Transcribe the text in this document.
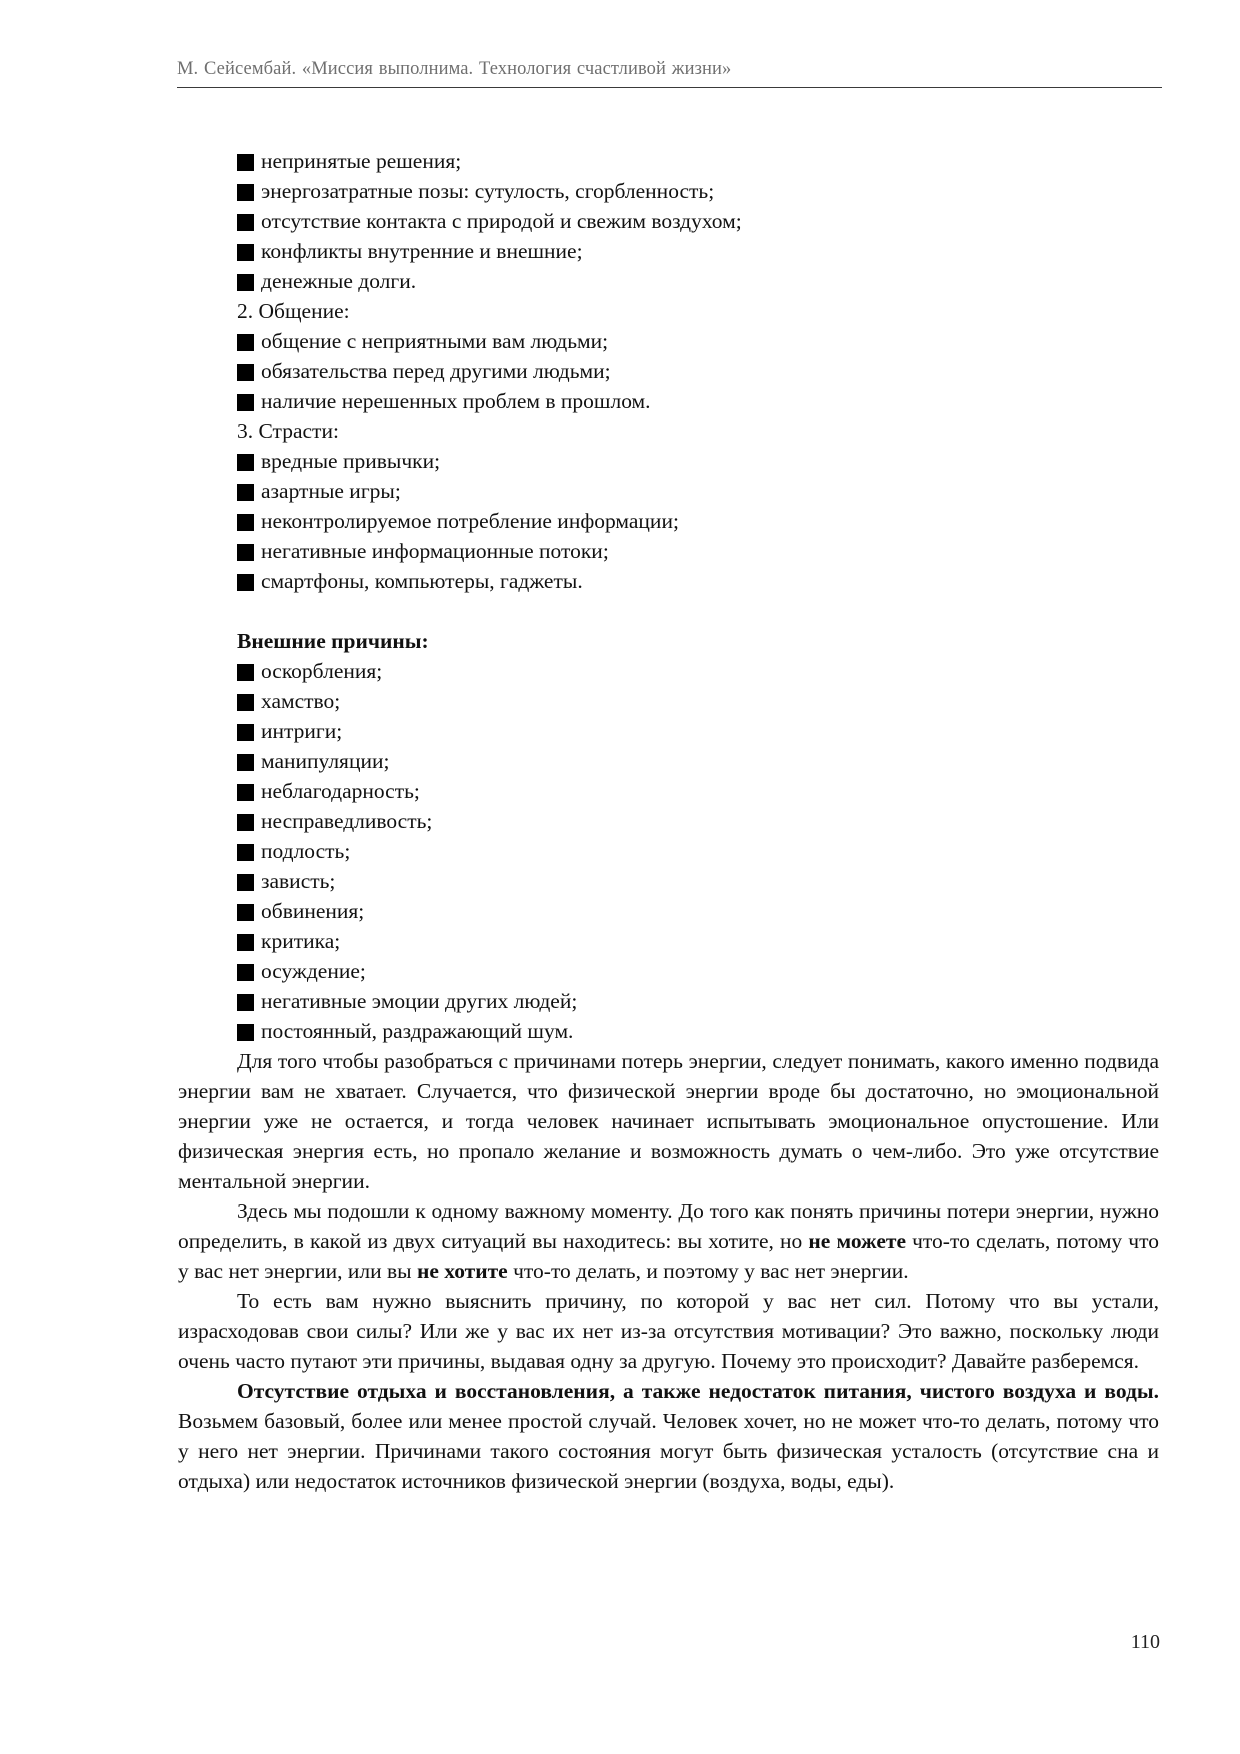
М. Сейсембай. «Миссия выполнима. Технология счастливой жизни»
непринятые решения;
энергозатратные позы: сутулость, сгорбленность;
отсутствие контакта с природой и свежим воздухом;
конфликты внутренние и внешние;
денежные долги.
2. Общение:
общение с неприятными вам людьми;
обязательства перед другими людьми;
наличие нерешенных проблем в прошлом.
3. Страсти:
вредные привычки;
азартные игры;
неконтролируемое потребление информации;
негативные информационные потоки;
смартфоны, компьютеры, гаджеты.
Внешние причины:
оскорбления;
хамство;
интриги;
манипуляции;
неблагодарность;
несправедливость;
подлость;
зависть;
обвинения;
критика;
осуждение;
негативные эмоции других людей;
постоянный, раздражающий шум.

Для того чтобы разобраться с причинами потерь энергии, следует понимать, какого именно подвида энергии вам не хватает. Случается, что физической энергии вроде бы достаточно, но эмоциональной энергии уже не остается, и тогда человек начинает испытывать эмоциональное опустошение. Или физическая энергия есть, но пропало желание и возможность думать о чем-либо. Это уже отсутствие ментальной энергии.

Здесь мы подошли к одному важному моменту. До того как понять причины потери энергии, нужно определить, в какой из двух ситуаций вы находитесь: вы хотите, но не можете что-то сделать, потому что у вас нет энергии, или вы не хотите что-то делать, и поэтому у вас нет энергии.

То есть вам нужно выяснить причину, по которой у вас нет сил. Потому что вы устали, израсходовав свои силы? Или же у вас их нет из-за отсутствия мотивации? Это важно, поскольку люди очень часто путают эти причины, выдавая одну за другую. Почему это происходит? Давайте разберемся.

Отсутствие отдыха и восстановления, а также недостаток питания, чистого воздуха и воды. Возьмем базовый, более или менее простой случай. Человек хочет, но не может что-то делать, потому что у него нет энергии. Причинами такого состояния могут быть физическая усталость (отсутствие сна и отдыха) или недостаток источников физической энергии (воздуха, воды, еды).

110
